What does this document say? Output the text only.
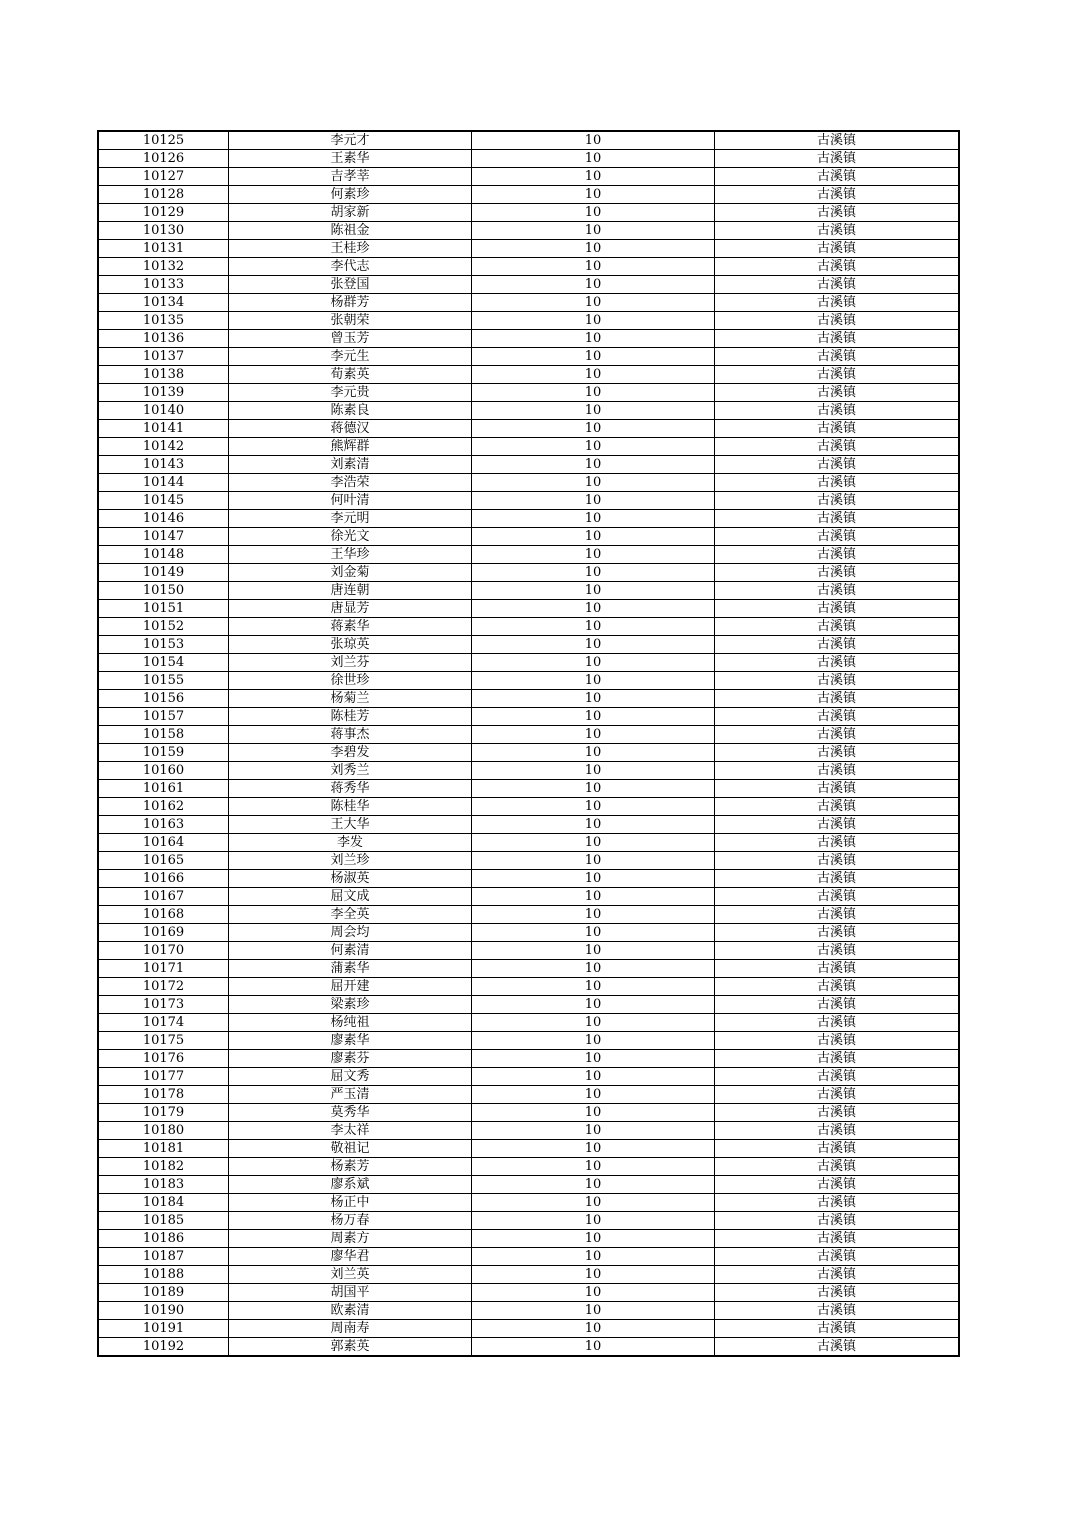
10125	李元才	10	古溪镇
10126	王素华	10	古溪镇
10127	吉孝莘	10	古溪镇
10128	何素珍	10	古溪镇
10129	胡家新	10	古溪镇
10130	陈祖金	10	古溪镇
10131	王桂珍	10	古溪镇
10132	李代志	10	古溪镇
10133	张登国	10	古溪镇
10134	杨群芳	10	古溪镇
10135	张朝荣	10	古溪镇
10136	曾玉芳	10	古溪镇
10137	李元生	10	古溪镇
10138	荀素英	10	古溪镇
10139	李元贵	10	古溪镇
10140	陈素良	10	古溪镇
10141	蒋德汉	10	古溪镇
10142	熊辉群	10	古溪镇
10143	刘素清	10	古溪镇
10144	李浩荣	10	古溪镇
10145	何叶清	10	古溪镇
10146	李元明	10	古溪镇
10147	徐光文	10	古溪镇
10148	王华珍	10	古溪镇
10149	刘金菊	10	古溪镇
10150	唐连朝	10	古溪镇
10151	唐显芳	10	古溪镇
10152	蒋素华	10	古溪镇
10153	张琼英	10	古溪镇
10154	刘兰芬	10	古溪镇
10155	徐世珍	10	古溪镇
10156	杨菊兰	10	古溪镇
10157	陈桂芳	10	古溪镇
10158	蒋事杰	10	古溪镇
10159	李碧发	10	古溪镇
10160	刘秀兰	10	古溪镇
10161	蒋秀华	10	古溪镇
10162	陈桂华	10	古溪镇
10163	王大华	10	古溪镇
10164	李发	10	古溪镇
10165	刘兰珍	10	古溪镇
10166	杨淑英	10	古溪镇
10167	屈文成	10	古溪镇
10168	李全英	10	古溪镇
10169	周会均	10	古溪镇
10170	何素清	10	古溪镇
10171	蒲素华	10	古溪镇
10172	屈开建	10	古溪镇
10173	梁素珍	10	古溪镇
10174	杨纯祖	10	古溪镇
10175	廖素华	10	古溪镇
10176	廖素芬	10	古溪镇
10177	屈文秀	10	古溪镇
10178	严玉清	10	古溪镇
10179	莫秀华	10	古溪镇
10180	李太祥	10	古溪镇
10181	敬祖记	10	古溪镇
10182	杨素芳	10	古溪镇
10183	廖系斌	10	古溪镇
10184	杨正中	10	古溪镇
10185	杨万春	10	古溪镇
10186	周素方	10	古溪镇
10187	廖华君	10	古溪镇
10188	刘兰英	10	古溪镇
10189	胡国平	10	古溪镇
10190	欧素清	10	古溪镇
10191	周南寿	10	古溪镇
10192	郭素英	10	古溪镇
